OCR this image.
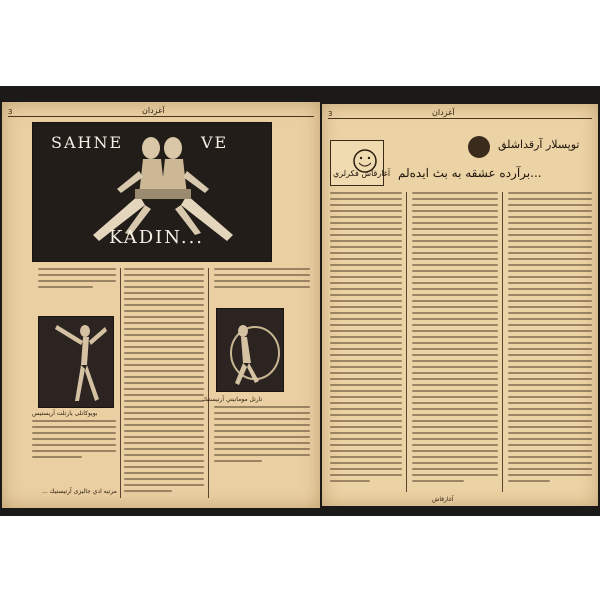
3	آغزدان
SAHNE	VE
KADIN...
بويوكانلى يارتلت آريستيس
... مرتيه ادي جاليزى آرتيستيك
تارتل مومانيتي آرتيستيك
3	آغزدان
آغارقاش فكرلري
توپسلار آرقداشلق
برآرده عشقه به بث ايده‌لم...
آغارقاش
